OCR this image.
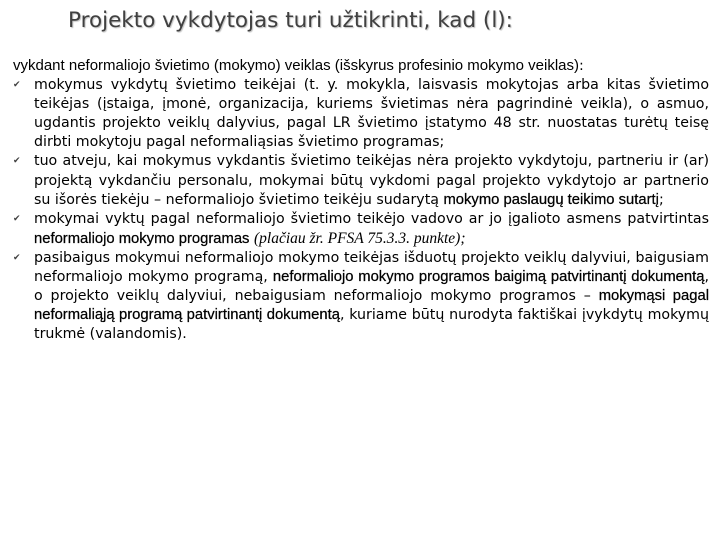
Projekto vykdytojas turi užtikrinti, kad (l):

vykdant neformaliojo švietimo (mokymo) veiklas (išskyrus profesinio mokymo veiklas):

✔ mokymus vykdytų švietimo teikėjai (t. y. mokykla, laisvasis mokytojas arba kitas švietimo teikėjas (įstaiga, įmonė, organizacija, kuriems švietimas nėra pagrindinė veikla), o asmuo, ugdantis projekto veiklų dalyvius, pagal LR švietimo įstatymo 48 str. nuostatas turėtų teisę dirbti mokytoju pagal neformaliąsias švietimo programas;
✔ tuo atveju, kai mokymus vykdantis švietimo teikėjas nėra projekto vykdytoju, partneriu ir (ar) projektą vykdančiu personalu, mokymai būtų vykdomi pagal projekto vykdytojo ar partnerio su išorės tiekėju – neformaliojo švietimo teikėju sudarytą mokymo paslaugų teikimo sutartį;
✔ mokymai vyktų pagal neformaliojo švietimo teikėjo vadovo ar jo įgalioto asmens patvirtintas neformaliojo mokymo programas (plačiau žr. PFSA 75.3.3. punkte);
✔ pasibaigus mokymui neformaliojo mokymo teikėjas išduotų projekto veiklų dalyviui, baigusiam neformaliojo mokymo programą, neformaliojo mokymo programos baigimą patvirtinantį dokumentą, o projekto veiklų dalyviui, nebaigusiam neformaliojo mokymo programos – mokymąsi pagal neformaliąją programą patvirtinantį dokumentą, kuriame būtų nurodyta faktiškai įvykdytų mokymų trukmė (valandomis).
